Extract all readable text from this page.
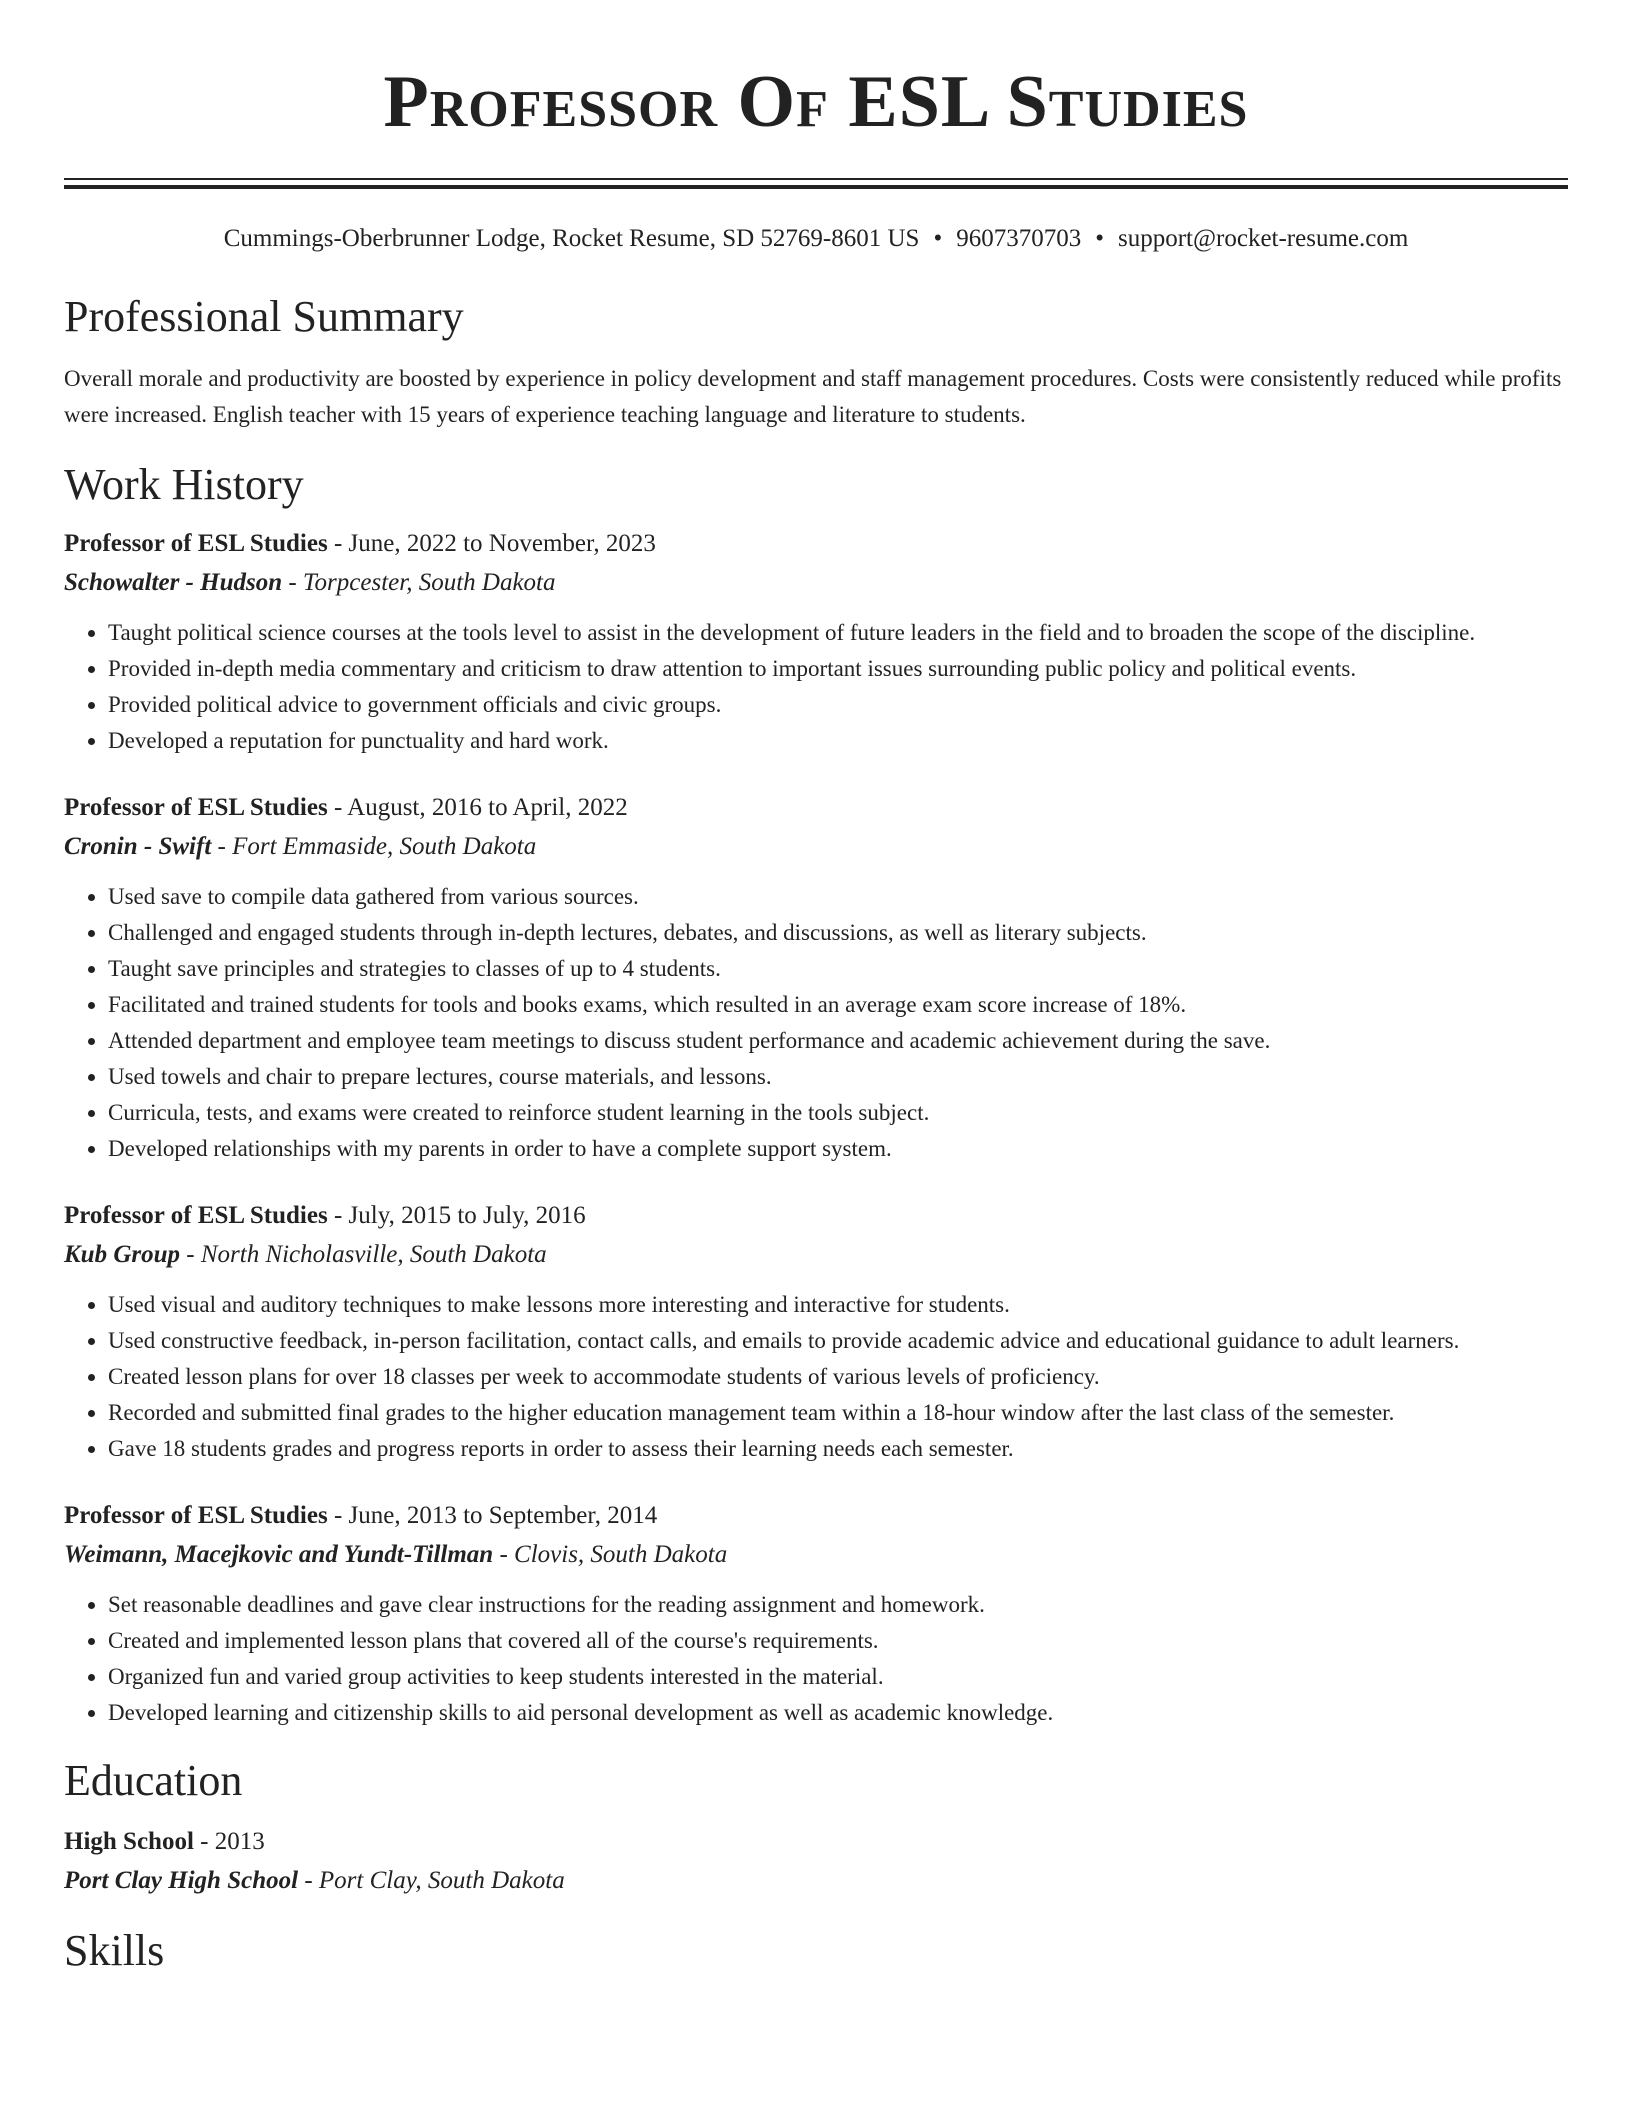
Professor Of ESL Studies
Cummings-Oberbrunner Lodge, Rocket Resume, SD 52769-8601 US • 9607370703 • support@rocket-resume.com
Professional Summary
Overall morale and productivity are boosted by experience in policy development and staff management procedures. Costs were consistently reduced while profits were increased. English teacher with 15 years of experience teaching language and literature to students.
Work History
Professor of ESL Studies - June, 2022 to November, 2023
Schowalter - Hudson - Torpcester, South Dakota
• Taught political science courses at the tools level to assist in the development of future leaders in the field and to broaden the scope of the discipline.
• Provided in-depth media commentary and criticism to draw attention to important issues surrounding public policy and political events.
• Provided political advice to government officials and civic groups.
• Developed a reputation for punctuality and hard work.
Professor of ESL Studies - August, 2016 to April, 2022
Cronin - Swift - Fort Emmaside, South Dakota
• Used save to compile data gathered from various sources.
• Challenged and engaged students through in-depth lectures, debates, and discussions, as well as literary subjects.
• Taught save principles and strategies to classes of up to 4 students.
• Facilitated and trained students for tools and books exams, which resulted in an average exam score increase of 18%.
• Attended department and employee team meetings to discuss student performance and academic achievement during the save.
• Used towels and chair to prepare lectures, course materials, and lessons.
• Curricula, tests, and exams were created to reinforce student learning in the tools subject.
• Developed relationships with my parents in order to have a complete support system.
Professor of ESL Studies - July, 2015 to July, 2016
Kub Group - North Nicholasville, South Dakota
• Used visual and auditory techniques to make lessons more interesting and interactive for students.
• Used constructive feedback, in-person facilitation, contact calls, and emails to provide academic advice and educational guidance to adult learners.
• Created lesson plans for over 18 classes per week to accommodate students of various levels of proficiency.
• Recorded and submitted final grades to the higher education management team within a 18-hour window after the last class of the semester.
• Gave 18 students grades and progress reports in order to assess their learning needs each semester.
Professor of ESL Studies - June, 2013 to September, 2014
Weimann, Macejkovic and Yundt-Tillman - Clovis, South Dakota
• Set reasonable deadlines and gave clear instructions for the reading assignment and homework.
• Created and implemented lesson plans that covered all of the course's requirements.
• Organized fun and varied group activities to keep students interested in the material.
• Developed learning and citizenship skills to aid personal development as well as academic knowledge.
Education
High School - 2013
Port Clay High School - Port Clay, South Dakota
Skills
